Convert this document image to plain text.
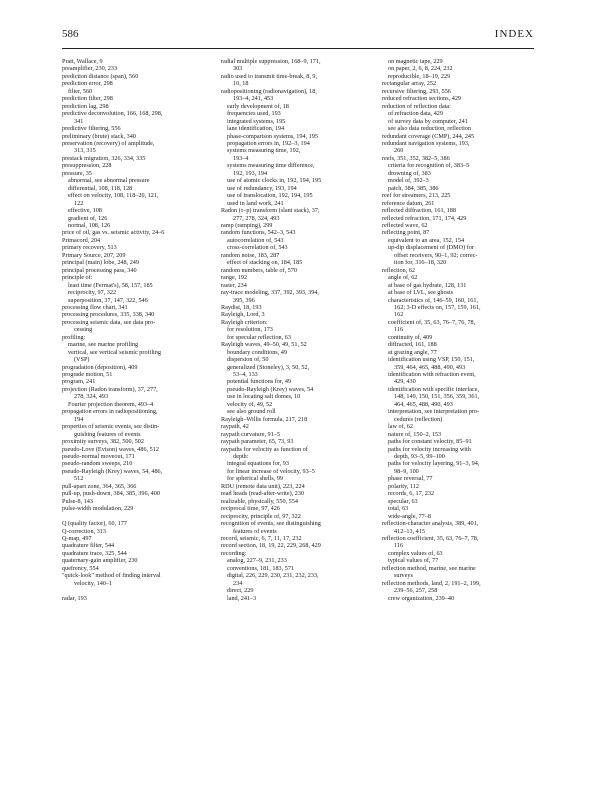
586	INDEX
Pratt, Wallace, 9
preamplifier, 230, 233
prediction distance (span), 560
prediction error, 298
filter, 560
prediction filter, 298
prediction lag, 298
predictive deconvolution, 166, 168, 298,
341
predictive filtering, 556
preliminary (brute) stack, 340
preservation (recovery) of amplitude,
313, 315
prestack migration, 326, 334, 335
presuppression, 228
pressure, 35
abnormal, see abnormal pressure
differential, 108, 118, 128
effect on velocity, 108, 118–20, 121,
122
effective, 108
gradient of, 126
normal, 108, 126
price of oil, gas vs. seismic activity, 24–6
Primacord, 204
primary recovery, 513
Primary Source, 207, 209
principal (main) lobe, 248, 249
principal processing pass, 340
principle of:
least time (Fermat's), 58, 157, 185
reciprocity, 97, 322
superposition, 37, 147, 322, 546
processing flow chart, 341
processing procedures, 335, 338, 340
processing seismic data, see data pro-
cessing
profiling:
marine, see marine profiling
vertical, see vertical seismic profiling
(VSP)
progradation (deposition), 409
prograde motion, 51
program, 241
projection (Radon transform), 37, 277,
278, 324, 493
Fourier projection theorem, 493–4
propagation errors in radiopositioning,
194
properties of seismic events, see distin-
guishing features of events
proximity surveys, 382, 500, 502
pseudo-Love (Evison) waves, 486, 512
pseudo-normal moveout, 171
pseudo-random sweeps, 210
pseudo-Rayleigh (Krey) waves, 54, 486,
512
pull-apart zone, 364, 365, 366
pull-up, push-down, 384, 385, 396, 400
Pulse-8, 143
pulse-width modulation, 229
Q (quality factor), 60, 177
Q-correction, 313
Q-map, 497
quadrature filter, 544
quadrature trace, 325, 544
quaternary-gain amplifier, 230
quefrency, 554
"quick-look" method of finding interval
velocity, 140–1
radar, 193
radial multiple suppression, 168–9, 171,
303
radio used to transmit time-break, 8, 9,
10, 18
radiopositioning (radionavigation), 18,
193–4, 241, 453
early development of, 18
frequencies used, 193
integrated systems, 195
lane identification, 194
phase-comparison systems, 194, 195
propagation errors in, 192–3, 194
systems measuring time, 192,
193–4
systems measuring time difference,
192, 193, 194
use of atomic clocks in, 192, 194, 195
use of redundancy, 193, 194
use of translocation, 192, 194, 195
used in land work, 241
Radon (τ–p) transform (slant stack), 37,
277, 278, 324, 493
ramp (ramping), 299
random functions, 542–3, 543
autocorrelation of, 543
cross-correlation of, 543
random noise, 183, 287
effect of stacking on, 184, 185
random numbers, table of, 570
range, 192
raster, 234
ray-trace modeling, 337, 392, 393, 394,
395, 396
Raydist, 18, 193
Rayleigh, Lord, 3
Rayleigh criterion:
for resolution, 173
for specular reflection, 63
Rayleigh waves, 49–50, 49, 51, 52
boundary conditions, 49
dispersion of, 50
generalized (Stoneley), 3, 50, 52,
53–4, 133
potential functions for, 49
pseudo-Rayleigh (Krey) waves, 54
use in locating salt domes, 10
velocity of, 49, 52
see also ground roll
Rayleigh–Willis formula, 217, 218
raypath, 42
raypath curvature, 91–5
raypath parameter, 65, 73, 93
raypaths for velocity as function of
depth:
integral equations for, 93
for linear increase of velocity, 93–5
for spherical shells, 99
RDU (remote data unit), 223, 224
read heads (read-after-write), 230
realizable, physically, 550, 554
reciprocal time, 97, 426
reciprocity, principle of, 97, 322
recognition of events, see distinguishing
features of events
record, seismic, 6, 7, 11, 17, 232
record section, 18, 19, 22, 229, 268, 429
recording:
analog, 227–9, 231, 233
conventions, 181, 183, 571
digital, 226, 229, 230, 231, 232, 233,
234
direct, 229
land, 241–3
on magnetic tape, 229
on paper, 2, 6, 8, 224, 232
reproducible, 18–19, 229
rectangular array, 252
recursive filtering, 293, 556
reduced refraction sections, 429
reduction of reflection data:
of refraction data, 429
of survey data by computer, 241
see also data reduction, reflection
redundant coverage (CMP), 244, 245
redundant navigation systems, 193,
260
reefs, 351, 352, 382–5, 386
criteria for recognition of, 383–5
drowning of, 383
model of, 392–3
patch, 384, 385, 386
reef for streamers, 213, 225
reference datum, 261
reflected diffraction, 161, 188
reflected refraction, 171, 174, 429
reflected wave, 62
reflecting point, 87
equivalent to an area, 152, 154
up-dip displacement of (DMO) for
offset receivers, 90–1, 92; correc-
tion for, 316–18, 320
reflection, 62
angle of, 62
at base of gas hydrate, 128, 131
at base of LVL, see ghosts
characteristics of, 146–59, 160, 161,
162; 3-D effects on, 157, 159, 161,
162
coefficient of, 35, 63, 76–7, 76, 78,
116
continuity of, 409
diffracted, 161, 188
at grazing angle, 77
identification using VSP, 150, 151,
359, 464, 465, 488, 490, 493
identification with refraction event,
429, 430
identification with specific interface,
148, 149, 150, 151, 356, 359, 361,
464, 465, 488, 490, 493
interpretation, see interpretation pro-
cedures (reflection)
law of, 62
nature of, 150–2, 153
paths for constant velocity, 85–91
paths for velocity increasing with
depth, 93–5, 99–100
paths for velocity layering, 91–3, 94,
98–9, 100
phase reversal, 77
polarity, 112
records, 6, 17, 232
specular, 63
total, 63
wide-angle, 77–8
reflection-character analysis, 389, 401,
412–13, 415
reflection coefficient, 35, 63, 76–7, 78,
116
complex values of, 63
typical values of, 77
reflection method, marine, see marine
surveys
reflection methods, land, 2, 191–2, 199,
239–56, 257, 258
crew organization, 239–40
